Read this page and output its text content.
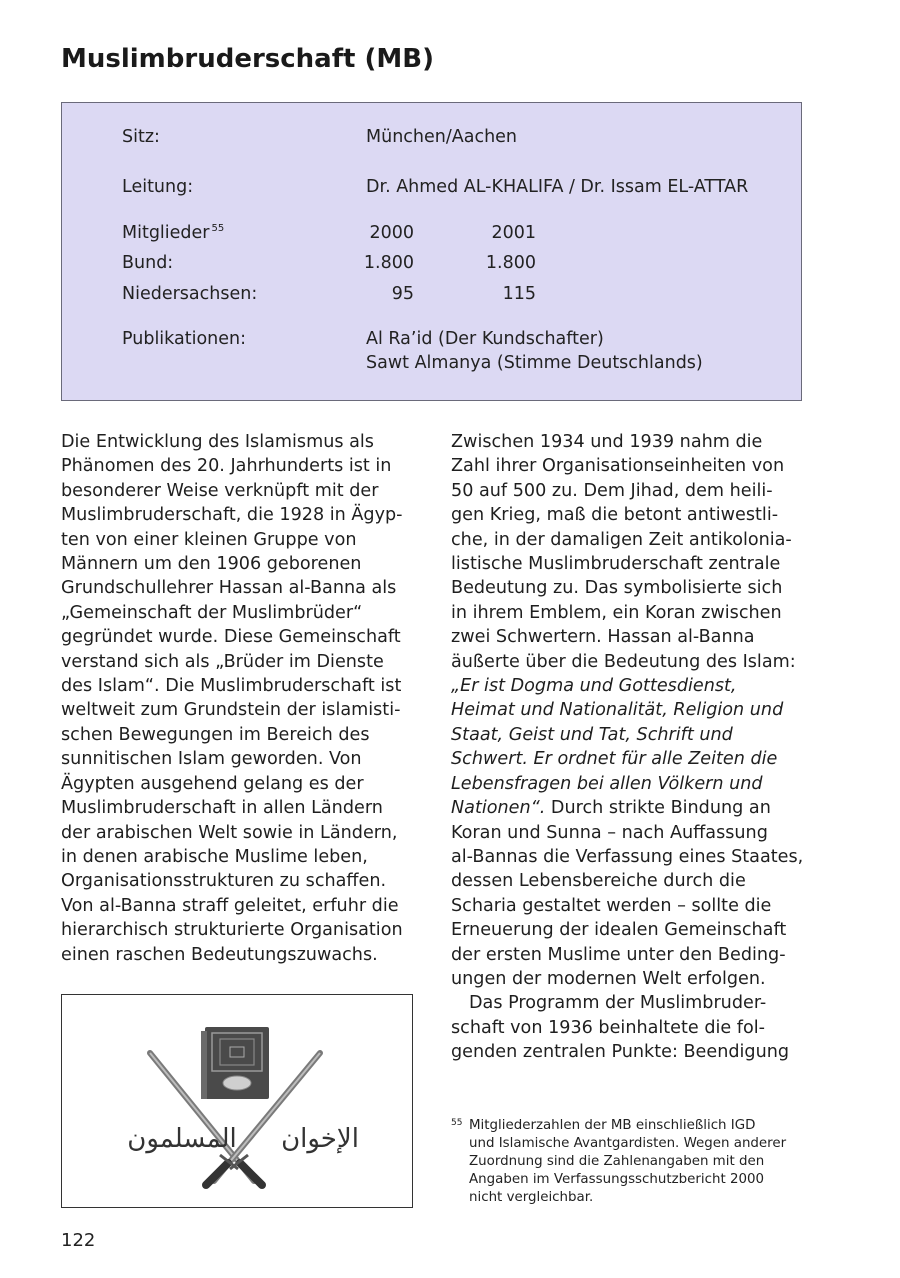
Muslimbruderschaft (MB)
Sitz:	München/Aachen
Leitung:	Dr. Ahmed AL-KHALIFA / Dr. Issam EL-ATTAR
Mitglieder $^{55}$	2000	2001
Bund:	1.800	1.800
Niedersachsen:	95	115
Publikationen:	Al Ra’id (Der Kundschafter)
Sawt Almanya (Stimme Deutschlands)
Die Entwicklung des Islamismus als
Phänomen des 20. Jahrhunderts ist in
besonderer Weise verknüpft mit der
Muslimbruderschaft, die 1928 in Ägyp-
ten von einer kleinen Gruppe von
Männern um den 1906 geborenen
Grundschullehrer Hassan al-Banna als
„Gemeinschaft der Muslimbrüder“
gegründet wurde. Diese Gemeinschaft
verstand sich als „Brüder im Dienste
des Islam“. Die Muslimbruderschaft ist
weltweit zum Grundstein der islamisti-
schen Bewegungen im Bereich des
sunnitischen Islam geworden. Von
Ägypten ausgehend gelang es der
Muslimbruderschaft in allen Ländern
der arabischen Welt sowie in Ländern,
in denen arabische Muslime leben,
Organisationsstrukturen zu schaffen.
Von al-Banna straff geleitet, erfuhr die
hierarchisch strukturierte Organisation
einen raschen Bedeutungszuwachs.
Zwischen 1934 und 1939 nahm die
Zahl ihrer Organisationseinheiten von
50 auf 500 zu. Dem Jihad, dem heili-
gen Krieg, maß die betont antiwestli-
che, in der damaligen Zeit antikolonia-
listische Muslimbruderschaft zentrale
Bedeutung zu. Das symbolisierte sich
in ihrem Emblem, ein Koran zwischen
zwei Schwertern. Hassan al-Banna
äußerte über die Bedeutung des Islam:
„Er ist Dogma und Gottesdienst,
Heimat und Nationalität, Religion und
Staat, Geist und Tat, Schrift und
Schwert. Er ordnet für alle Zeiten die
Lebensfragen bei allen Völkern und
Nationen“. Durch strikte Bindung an
Koran und Sunna – nach Auffassung
al-Bannas die Verfassung eines Staates,
dessen Lebensbereiche durch die
Scharia gestaltet werden – sollte die
Erneuerung der idealen Gemeinschaft
der ersten Muslime unter den Beding-
ungen der modernen Welt erfolgen.
Das Programm der Muslimbruder-
schaft von 1936 beinhaltete die fol-
genden zentralen Punkte: Beendigung
المسلمون الإخوان
55 Mitgliederzahlen der MB einschließlich IGD
und Islamische Avantgardisten. Wegen anderer
Zuordnung sind die Zahlenangaben mit den
Angaben im Verfassungsschutzbericht 2000
nicht vergleichbar.
122
